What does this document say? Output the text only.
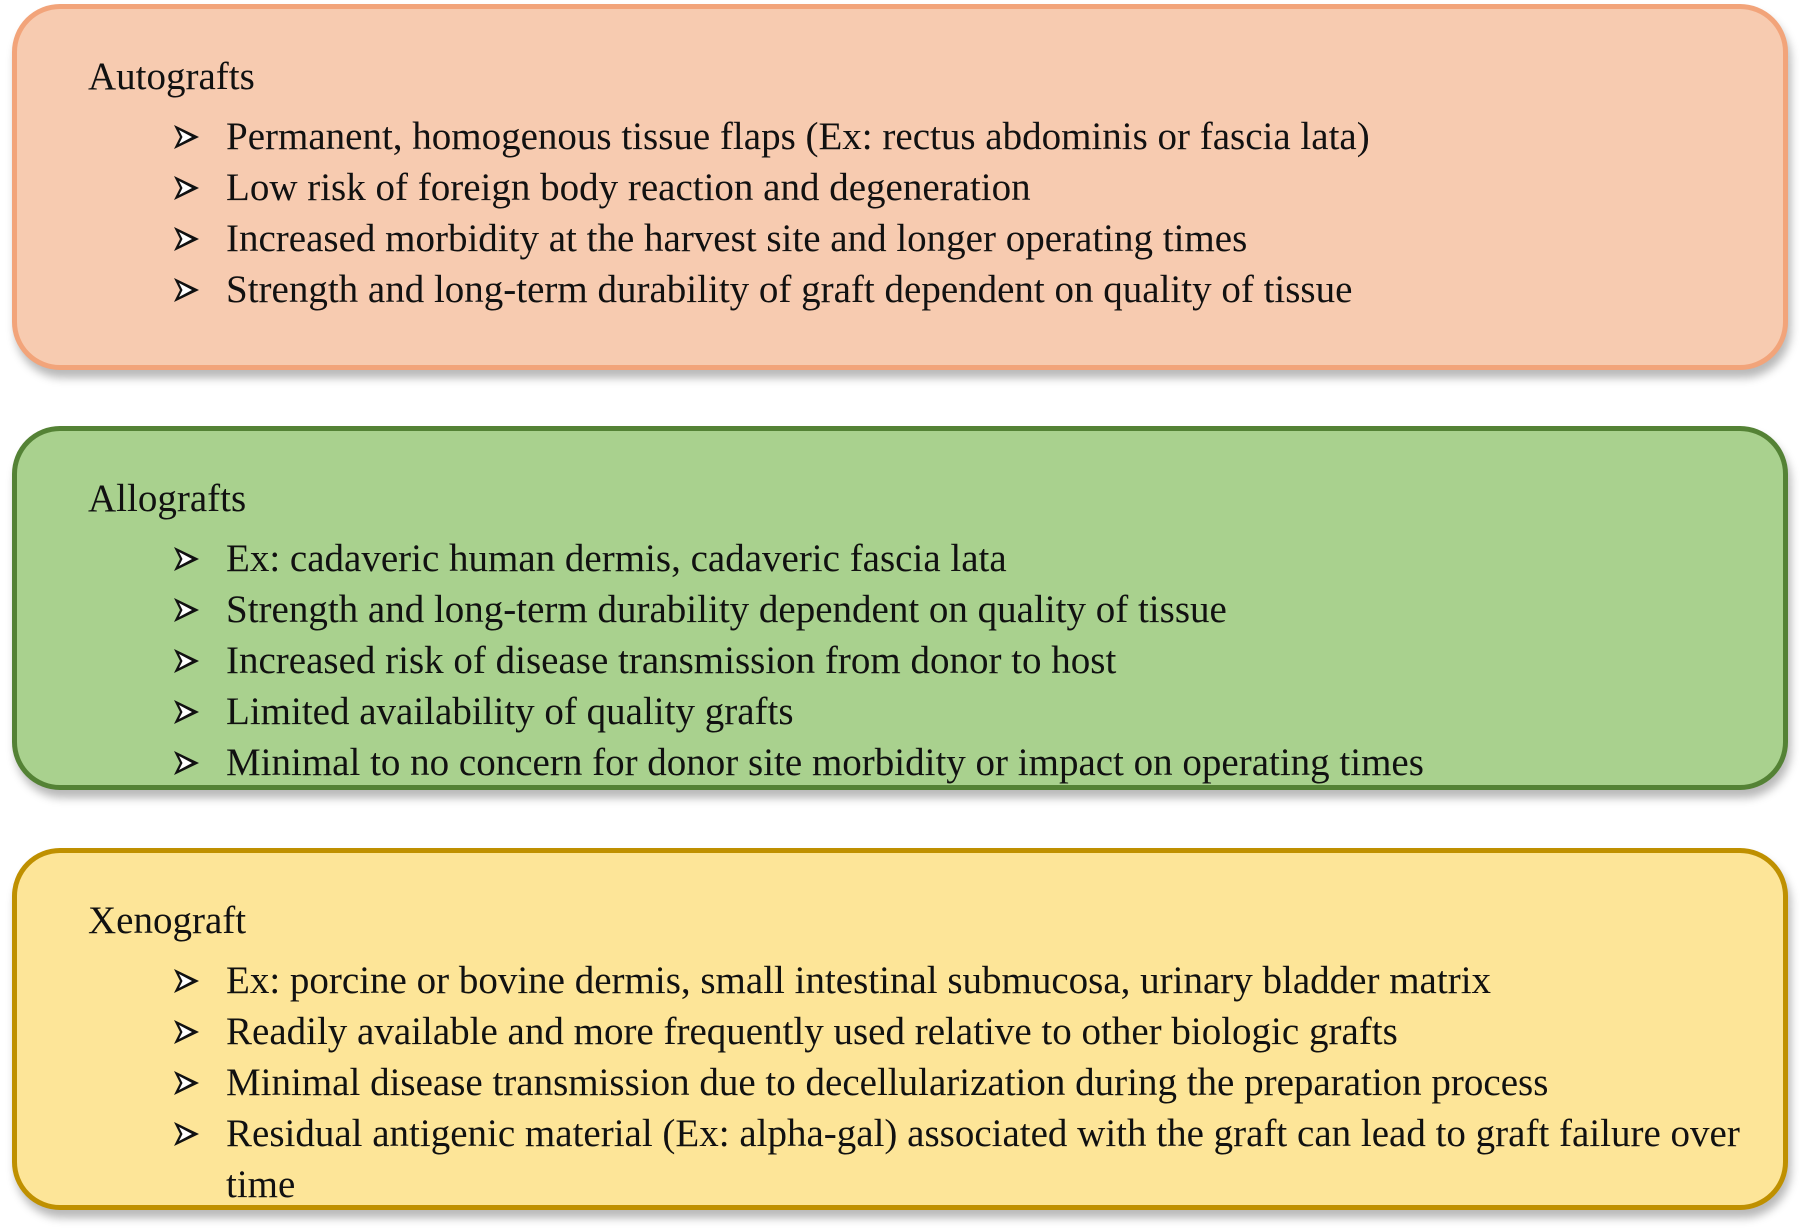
Autografts
Permanent, homogenous tissue flaps (Ex: rectus abdominis or fascia lata)
Low risk of foreign body reaction and degeneration
Increased morbidity at the harvest site and longer operating times
Strength and long-term durability of graft dependent on quality of tissue
Allografts
Ex: cadaveric human dermis, cadaveric fascia lata
Strength and long-term durability dependent on quality of tissue
Increased risk of disease transmission from donor to host
Limited availability of quality grafts
Minimal to no concern for donor site morbidity or impact on operating times
Xenograft
Ex: porcine or bovine dermis, small intestinal submucosa, urinary bladder matrix
Readily available and more frequently used relative to other biologic grafts
Minimal disease transmission due to decellularization during the preparation process
Residual antigenic material (Ex: alpha-gal) associated with the graft can lead to graft failure over time
